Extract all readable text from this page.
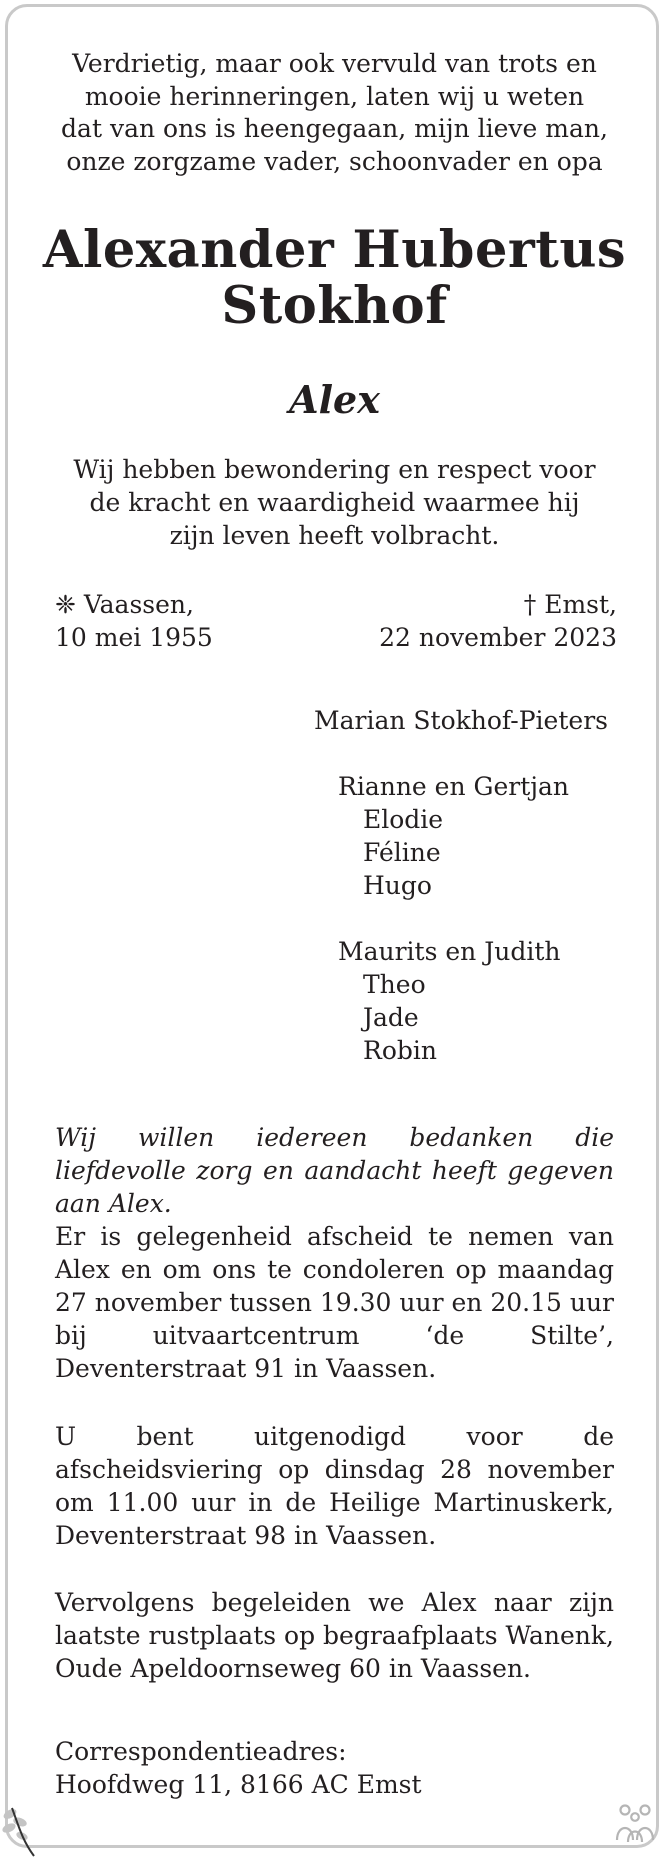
Verdrietig, maar ook vervuld van trots en
mooie herinneringen, laten wij u weten
dat van ons is heengegaan, mijn lieve man,
onze zorgzame vader, schoonvader en opa
Alexander Hubertus
Stokhof
Alex
Wij hebben bewondering en respect voor
de kracht en waardigheid waarmee hij
zijn leven heeft volbracht.
❈ Vaassen,
10 mei 1955
† Emst,
22 november 2023
Marian Stokhof-Pieters
Rianne en Gertjan
Elodie
Féline
Hugo
Maurits en Judith
Theo
Jade
Robin
Wij willen iedereen bedanken die liefdevolle zorg en aandacht heeft gegeven aan Alex.
Er is gelegenheid afscheid te nemen van Alex en om ons te condoleren op maandag 27 november tussen 19.30 uur en 20.15 uur bij uitvaartcentrum ‘de Stilte’, Deventerstraat 91 in Vaassen.
U bent uitgenodigd voor de afscheidsviering op dinsdag 28 november om 11.00 uur in de Heilige Martinuskerk, Deventerstraat 98 in Vaassen.
Vervolgens begeleiden we Alex naar zijn laatste rustplaats op begraafplaats Wanenk, Oude Apeldoornseweg 60 in Vaassen.
Correspondentieadres:
Hoofdweg 11, 8166 AC Emst
